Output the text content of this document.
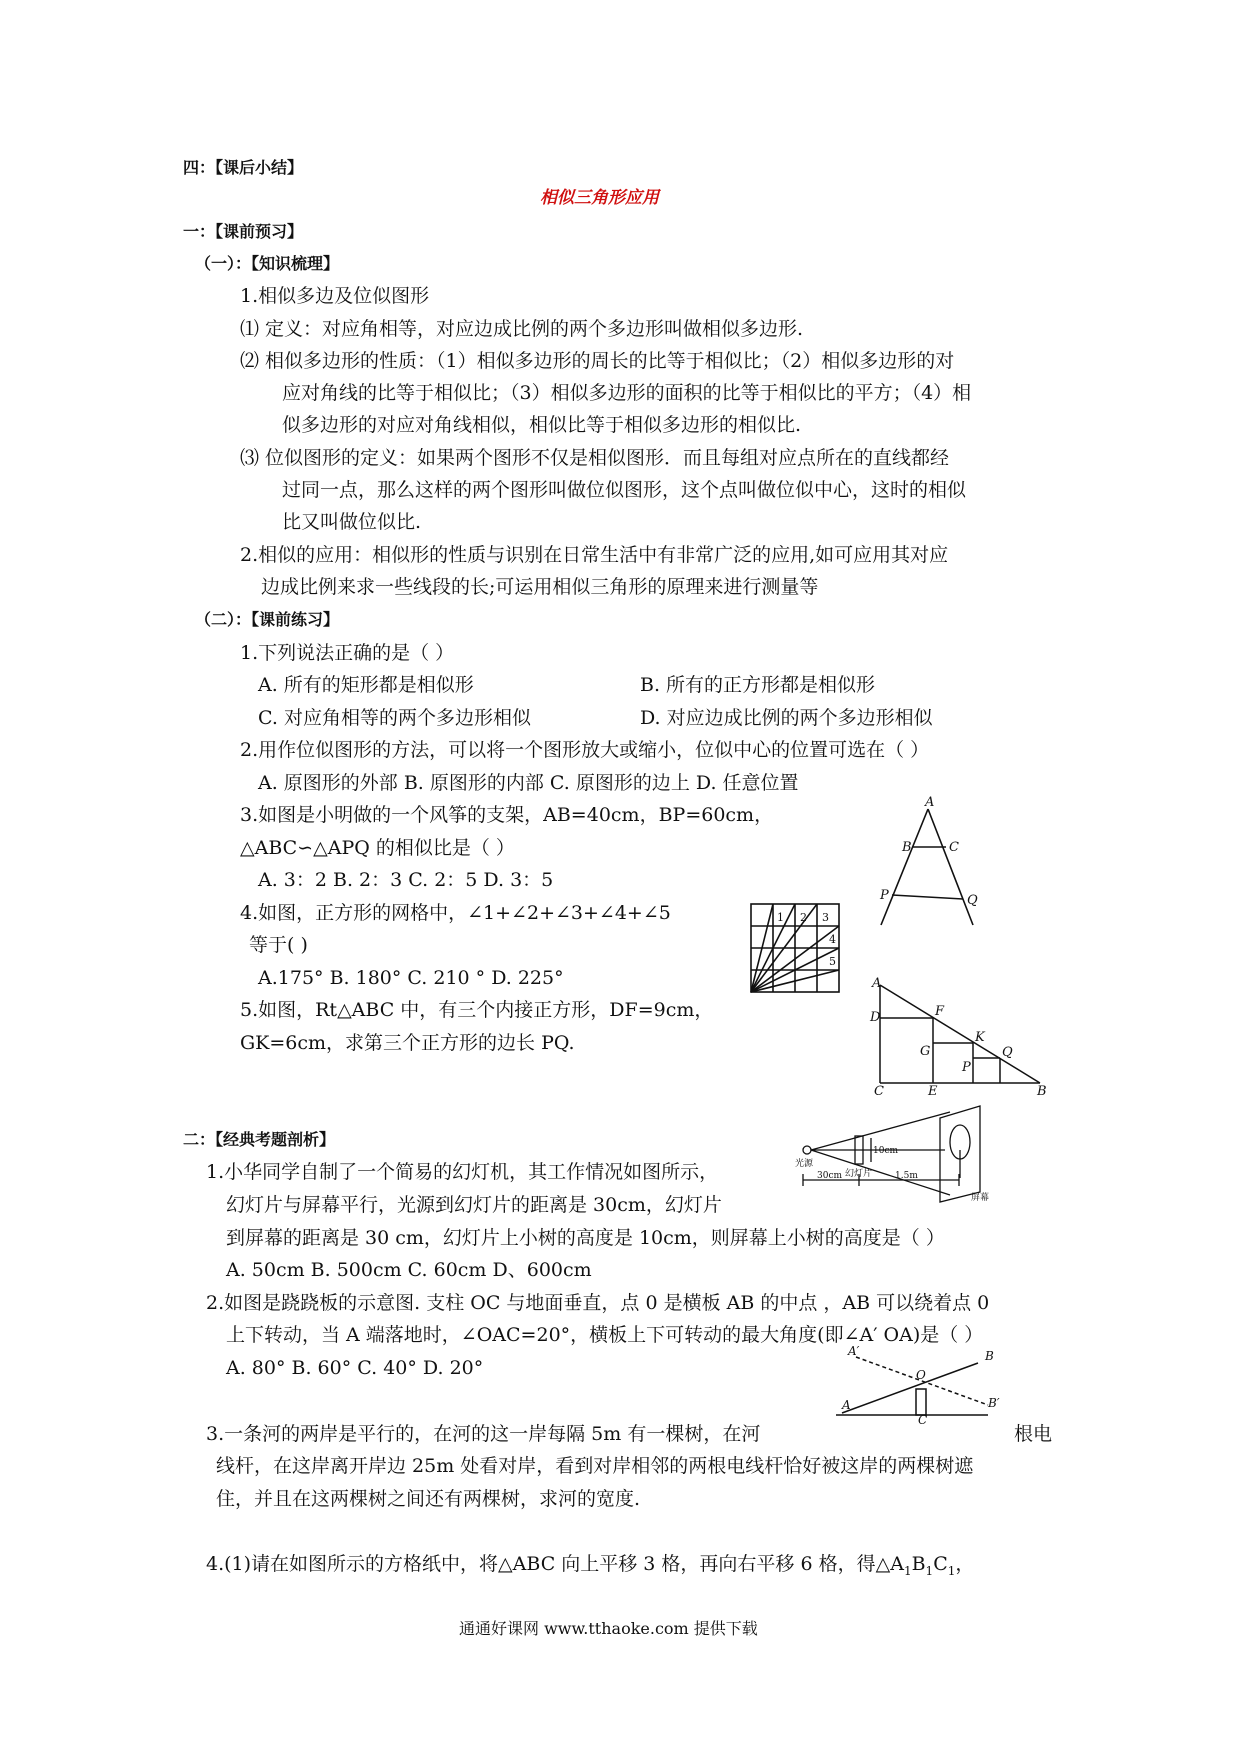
四：【课后小结】
相似三角形应用
一：【课前预习】
（一）：【知识梳理】
1.相似多边及位似图形
⑴ 定义：对应角相等，对应边成比例的两个多边形叫做相似多边形.
⑵ 相似多边形的性质：（1）相似多边形的周长的比等于相似比；（2）相似多边形的对
应对角线的比等于相似比；（3）相似多边形的面积的比等于相似比的平方；（4）相
似多边形的对应对角线相似，相似比等于相似多边形的相似比.
⑶ 位似图形的定义：如果两个图形不仅是相似图形．而且每组对应点所在的直线都经
过同一点，那么这样的两个图形叫做位似图形，这个点叫做位似中心，这时的相似
比又叫做位似比.
2.相似的应用：相似形的性质与识别在日常生活中有非常广泛的应用,如可应用其对应
边成比例来求一些线段的长;可运用相似三角形的原理来进行测量等
（二）：【课前练习】
1.下列说法正确的是（ ）
A. 所有的矩形都是相似形	B. 所有的正方形都是相似形
C. 对应角相等的两个多边形相似	D. 对应边成比例的两个多边形相似
2.用作位似图形的方法，可以将一个图形放大或缩小，位似中心的位置可选在（ ）
A. 原图形的外部 B. 原图形的内部 C. 原图形的边上 D. 任意位置
3.如图是小明做的一个风筝的支架，AB=40cm，BP=60cm，
△ABC∽△APQ 的相似比是（ ）
A. 3：2 B. 2：3 C. 2：5 D. 3：5
4.如图，正方形的网格中，∠1+∠2+∠3+∠4+∠5
等于( )
A.175° B. 180° C. 210 ° D. 225°
5.如图，Rt△ABC 中，有三个内接正方形，DF=9cm，
GK=6cm，求第三个正方形的边长 PQ.
二：【经典考题剖析】
1.小华同学自制了一个简易的幻灯机，其工作情况如图所示，
幻灯片与屏幕平行，光源到幻灯片的距离是 30cm，幻灯片
到屏幕的距离是 30 cm，幻灯片上小树的高度是 10cm，则屏幕上小树的高度是（ ）
A. 50cm B. 500cm C. 60cm D、600cm
2.如图是跷跷板的示意图. 支柱 OC 与地面垂直，点 0 是横板 AB 的中点 ，AB 可以绕着点 0
上下转动，当 A 端落地时，∠OAC=20°，横板上下可转动的最大角度(即∠A′ OA)是（ ）
A. 80° B. 60° C. 40° D. 20°
3.一条河的两岸是平行的，在河的这一岸每隔 5m 有一棵树，在河	根电
线杆，在这岸离开岸边 25m 处看对岸，看到对岸相邻的两根电线杆恰好被这岸的两棵树遮
住，并且在这两棵树之间还有两棵树，求河的宽度.
4.(1)请在如图所示的方格纸中，将△ABC 向上平移 3 格，再向右平移 6 格，得$\triangle A_1B_1C_1$，
通通好课网 www.tthaoke.com 提供下载
A
B	C
P	Q
1 2 3
4
5
A
D	F
K
G
P
Q
C	E	B
10cm
光源
幻灯片
屏幕
30cm	1.5m
A′	B
O
A
C
B′
